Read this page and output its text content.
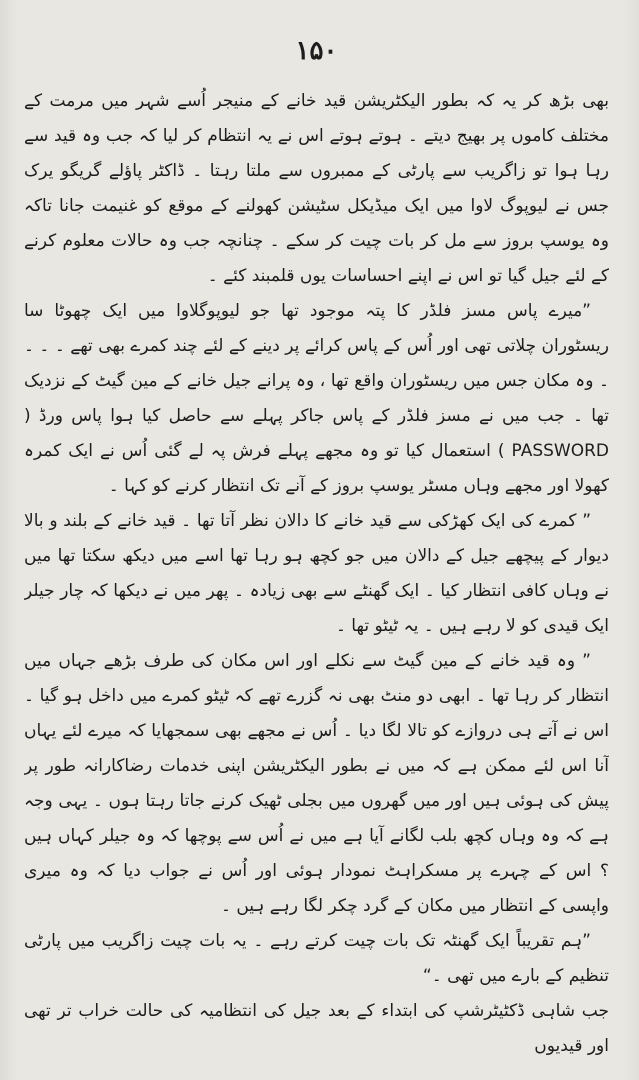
۱۵۰

بھی بڑھ کر یہ کہ بطور الیکٹریشن قید خانے کے منیجر اُسے شہر میں مرمت کے مختلف کاموں پر بھیج دیتے ۔ ہوتے ہوتے اس نے یہ انتظام کر لیا کہ جب وہ قید سے رہا ہوا تو زاگریب سے پارٹی کے ممبروں سے ملتا رہتا ۔ ڈاکٹر پاؤلے گریگو یرک جس نے لیوپوگ لاوا میں ایک میڈیکل سٹیشن کھولنے کے موقع کو غنیمت جانا تاکہ وہ یوسپ بروز سے مل کر بات چیت کر سکے ۔ چنانچہ جب وہ حالات معلوم کرنے کے لئے جیل گیا تو اس نے اپنے احساسات یوں قلمبند کئے ۔

”میرے پاس مسز فلڈر کا پتہ موجود تھا جو لیوپوگلاوا میں ایک چھوٹا سا ریسٹوران چلاتی تھی اور اُس کے پاس کرائے پر دینے کے لئے چند کمرے بھی تھے ۔ ۔ ۔ ۔ وہ مکان جس میں ریسٹوران واقع تھا ، وہ پرانے جیل خانے کے مین گیٹ کے نزدیک تھا ۔ جب میں نے مسز فلڈر کے پاس جاکر پہلے سے حاصل کیا ہوا پاس ورڈ ( PASSWORD ) استعمال کیا تو وہ مجھے پہلے فرش پہ لے گئی اُس نے ایک کمرہ کھولا اور مجھے وہاں مسٹر یوسپ بروز کے آنے تک انتظار کرنے کو کہا ۔

” کمرے کی ایک کھڑکی سے قید خانے کا دالان نظر آتا تھا ۔ قید خانے کے بلند و بالا دیوار کے پیچھے جیل کے دالان میں جو کچھ ہو رہا تھا اسے میں دیکھ سکتا تھا میں نے وہاں کافی انتظار کیا ۔ ایک گھنٹے سے بھی زیادہ ۔ پھر میں نے دیکھا کہ چار جیلر ایک قیدی کو لا رہے ہیں ۔ یہ ٹیٹو تھا ۔

” وہ قید خانے کے مین گیٹ سے نکلے اور اس مکان کی طرف بڑھے جہاں میں انتظار کر رہا تھا ۔ ابھی دو منٹ بھی نہ گزرے تھے کہ ٹیٹو کمرے میں داخل ہو گیا ۔ اس نے آتے ہی دروازے کو تالا لگا دیا ۔ اُس نے مجھے بھی سمجھایا کہ میرے لئے یہاں آنا اس لئے ممکن ہے کہ میں نے بطور الیکٹریشن اپنی خدمات رضاکارانہ طور پر پیش کی ہوئی ہیں اور میں گھروں میں بجلی ٹھیک کرنے جاتا رہتا ہوں ۔ یہی وجہ ہے کہ وہ وہاں کچھ بلب لگانے آیا ہے میں نے اُس سے پوچھا کہ وہ جیلر کہاں ہیں ؟ اس کے چہرے پر مسکراہٹ نمودار ہوئی اور اُس نے جواب دیا کہ وہ میری واپسی کے انتظار میں مکان کے گرد چکر لگا رہے ہیں ۔

”ہم تقریباً ایک گھنٹہ تک بات چیت کرتے رہے ۔ یہ بات چیت زاگریب میں پارٹی تنظیم کے بارے میں تھی ۔“

جب شاہی ڈکٹیٹرشپ کی ابتداء کے بعد جیل کی انتظامیہ کی حالت خراب تر تھی اور قیدیوں
